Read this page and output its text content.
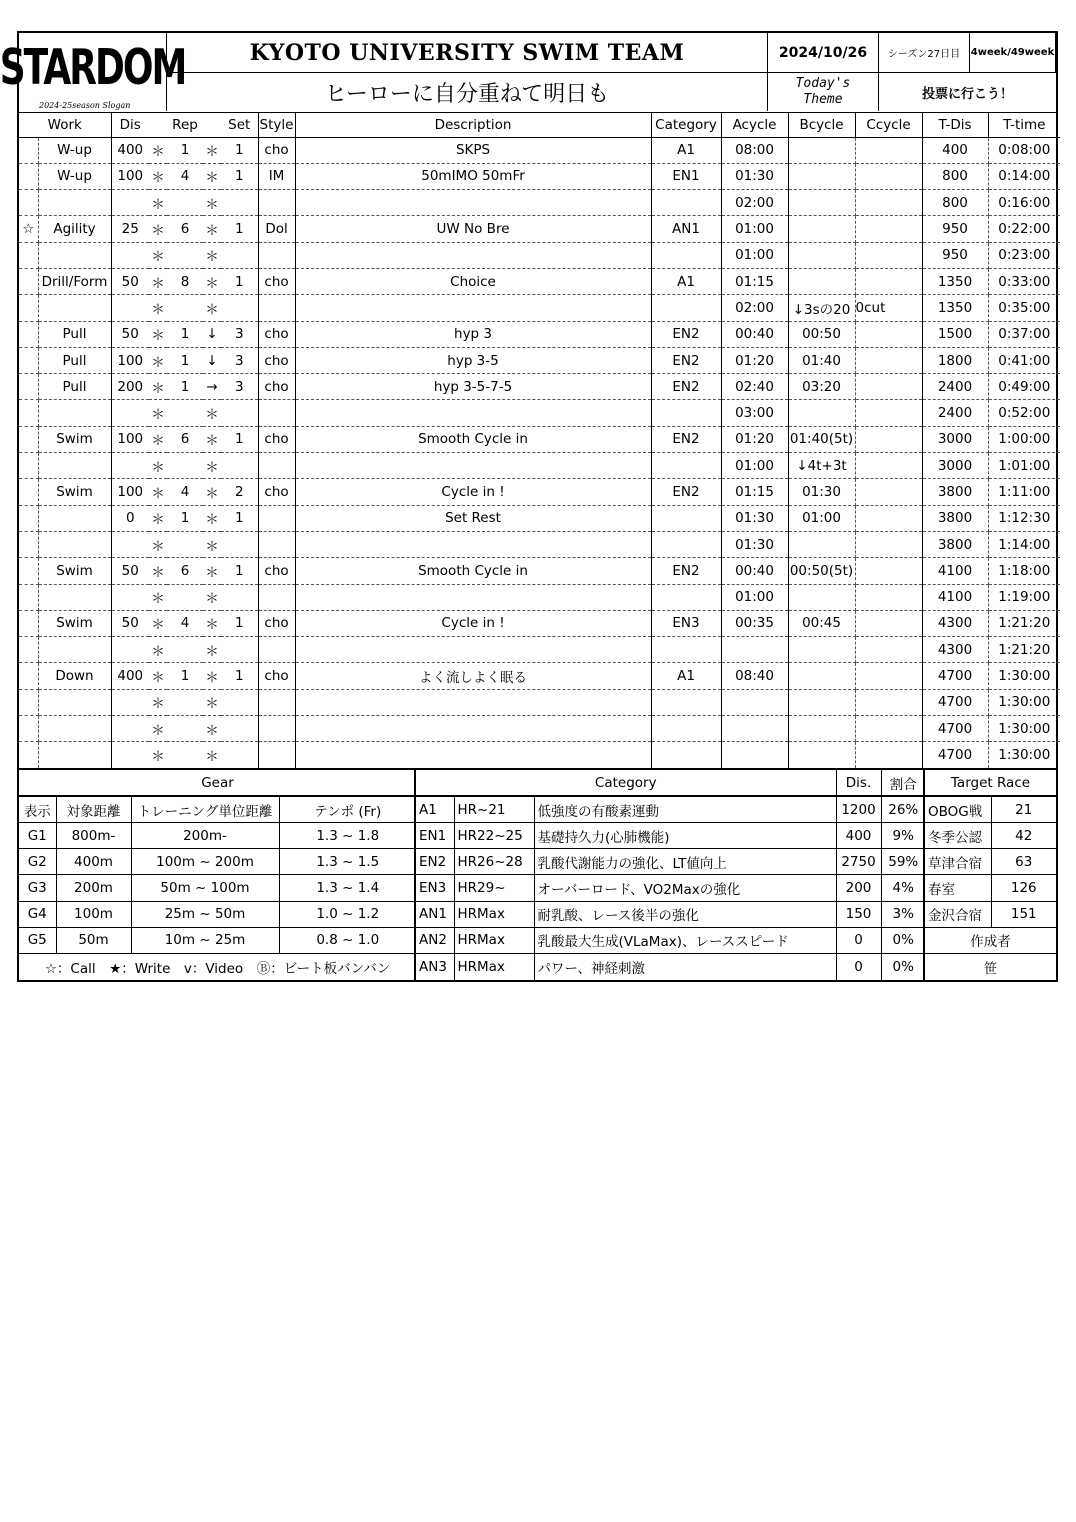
STARDOM
2024-25season Slogan
KYOTO UNIVERSITY SWIM TEAM	2024/10/26	シーズン27日目	4week/49week
ヒーローに自分重ねて明日も	Today's
Theme	投票に行こう！
Work		Dis	Rep			Set	Style	Description	Category	Acycle	Bcycle	Ccycle	T-Dis	T-time
	W-up	400	＊	1	＊	1	cho	SKPS	A1	08:00			400	0:08:00
	W-up	100	＊	4	＊	1	IM	50mIMO 50mFr	EN1	01:30			800	0:14:00
			＊		＊					02:00			800	0:16:00
☆	Agility	25	＊	6	＊	1	Dol	UW No Bre	AN1	01:00			950	0:22:00
			＊		＊					01:00			950	0:23:00
	Drill/Form	50	＊	8	＊	1	cho	Choice	A1	01:15			1350	0:33:00
			＊		＊					02:00	↓3sの20	0cut	1350	0:35:00
	Pull	50	＊	1	↓	3	cho	hyp 3	EN2	00:40	00:50		1500	0:37:00
	Pull	100	＊	1	↓	3	cho	hyp 3-5	EN2	01:20	01:40		1800	0:41:00
	Pull	200	＊	1	→	3	cho	hyp 3-5-7-5	EN2	02:40	03:20		2400	0:49:00
			＊		＊					03:00			2400	0:52:00
	Swim	100	＊	6	＊	1	cho	Smooth Cycle in	EN2	01:20	01:40(5t)		3000	1:00:00
			＊		＊					01:00	↓4t+3t		3000	1:01:00
	Swim	100	＊	4	＊	2	cho	Cycle in !	EN2	01:15	01:30		3800	1:11:00
		0	＊	1	＊	1		Set Rest		01:30	01:00		3800	1:12:30
			＊		＊					01:30			3800	1:14:00
	Swim	50	＊	6	＊	1	cho	Smooth Cycle in	EN2	00:40	00:50(5t)		4100	1:18:00
			＊		＊					01:00			4100	1:19:00
	Swim	50	＊	4	＊	1	cho	Cycle in !	EN3	00:35	00:45		4300	1:21:20
			＊		＊								4300	1:21:20
	Down	400	＊	1	＊	1	cho	よく流しよく眠る	A1	08:40			4700	1:30:00
			＊		＊								4700	1:30:00
			＊		＊								4700	1:30:00
			＊		＊								4700	1:30:00
Gear			
表示	対象距離	トレーニング単位距離	テンポ (Fr)
G1	800m-	200m-	1.3 ~ 1.8
G2	400m	100m ~ 200m	1.3 ~ 1.5
G3	200m	50m ~ 100m	1.3 ~ 1.4
G4	100m	25m ~ 50m	1.0 ~ 1.2
G5	50m	10m ~ 25m	0.8 ~ 1.0
☆：Call　★：Write　v：Video　Ⓑ：ビート板バンバン			
Category			Dis.	割合
A1	HR~21	低強度の有酸素運動	1200	26%
EN1	HR22~25	基礎持久力(心肺機能)	400	9%
EN2	HR26~28	乳酸代謝能力の強化、LT値向上	2750	59%
EN3	HR29~	オーバーロード、VO2Maxの強化	200	4%
AN1	HRMax	耐乳酸、レース後半の強化	150	3%
AN2	HRMax	乳酸最大生成(VLaMax)、レーススピード	0	0%
AN3	HRMax	パワー、神経刺激	0	0%
Target Race	
OBOG戦	21
冬季公認	42
草津合宿	63
春室	126
金沢合宿	151
作成者	
笹	
